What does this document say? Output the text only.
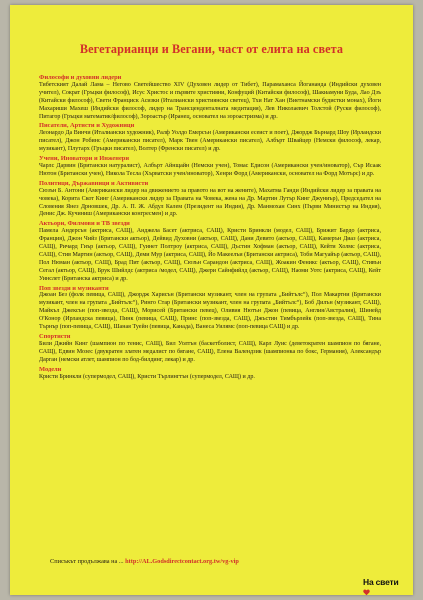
Вегетарианци и Вегани, част от елита на света
Философи и духовни лидери

Тибетският Далай Лама – Негово Светейшество XIV (Духовен лидер от Тибет), Парамаханса Йогананда (Индийски духовен учител), Сократ (Гръцки философ), Исус Христос и първите християни, Конфуций (Китайски философ), Шакиамуни Буда, Лао Дзъ (Китайски философ), Свети Франциск Асизки (Италиански християнски светец), Тхи Нат Хан (Виетнамски будистки монах), Йоги Махариши Махеш (Индийски философ, лидер на Трансценденталната медитация), Лев Николаевич Толстой (Руски философ), Питагор (Гръцки математик/философ), Зороастър (Иранец, основател на зороастризма) и др.

Писатели, Артисти и Художници

Леонардо Да Винчи (Италиански художник), Ралф Уолдо Емерсън (Американски есеист и поет), Джордж Бърнард Шоу (Ирландски писател), Джон Робинс (Американски писател), Марк Твен (Американски писател), Албърт Швайцер (Немски философ, лекар, музикант), Плутарх (Гръцки писател), Волтер (Френски писател) и др.

Учени, Иноватори и Инженери

Чарлс Дарвин (Британски натуралист), Албърт Айнщайн (Немски учен), Томас Едисон (Американски учен/иноватор), Сър Исаак Нютон (Британски учен), Никола Тесла (Хърватски учен/иноватор), Хенри Форд (Американски, основател на Форд Мотърс) и др.

Политици, Държавници и Активисти

Сюзън Б. Антони (Американски лидер на движението за правото на вот на жените), Махатма Ганди (Индийски лидер за правата на човека), Корита Скот Кинг (Американски лидер за Правата на Човека, жена на Др. Мартин Лутър Кинг Джуниър), Председател на Словения Янез Дрновшек, Др. А. П. Ж. Абдул Калем (Президент на Индия), Др. Манмохан Синх (Първи Министър на Индия), Денис Дж. Кучиниш (Американски конгресмен) и др.

Актьори, Филмови и ТВ звезди

Памела Андерсън (актриса, САЩ), Анджела Басет (актриса, САЩ), Кристи Бринкли (модел, САЩ), Брижит Бардо (актриса, Франция), Джон Чийз (Британски актьор), Дейвид Духовни (актьор, САЩ), Дани Девито (актьор, САЩ), Камерън Диаз (актриса, САЩ), Ричард Гиър (актьор, САЩ), Гуинет Полтроу (актриса, САЩ), Дъстин Хофман (актьор, САЩ), Кейти Холмс (актриса, САЩ), Стив Мартин (актьор, САЩ), Деми Мур (актриса, САЩ), Йо Макеелъи (Британски актриса), Тоби Магуайър (актьор, САЩ), Пол Нюман (актьор, САЩ), Брад Пит (актьор, САЩ), Сюзън Сарандон (актриса, САЩ), Жоакин Феникс (актьор, САЩ), Стивън Сегал (актьор, САЩ), Брук Шийлдс (актриса /модел, САЩ), Джери Сайнфийлд (актьор, САЩ), Наоми Уотс (актриса, САЩ), Кейт Уинслет (Британска актриса) и др.

Поп звезди и музиканти

Джоан Без (фолк певица, САЩ), Джордж Харисън (Британски музикант, член на групата „Бийтълс“), Пол Макартни (Британски музикант, член на групата „Бийтълс“), Ринго Стар (Британски музикант, член на групата „Бийтълс“), Боб Дилън (музикант, САЩ), Майкъл Джексън (поп-звезда, САЩ), Морисей (Британски певец), Оливия Нютън Джон (певица, Англия/Австралия), Шинейд О'Конор (Ирландска певица), Пинк (певица, САЩ), Принс (поп-звезда, САЩ), Джъстин Тимбърлейк (поп-звезда, САЩ), Тина Търнър (поп-певица, САЩ), Шаная Туейн (певица, Канада), Ванеса Уилямс (поп-певица САЩ) и др.

Спортисти

Били Джийн Кинг (шампион по тенис, САЩ), Бил Уолтън (баскетболист, САЩ), Карл Луис (деветократен шампион по бягане, САЩ), Едвин Мозес (двукратен златен медалист по бягане, САЩ), Елена Валендзик (шампионка по бокс, Германия), Александър Дарган (немски атлет, шампион по бод-билдинг, лекар) и др.

Модели

Кристи Бринкли (супермодел, САЩ), Кристи Търлингтън (супермодел, САЩ) и др.

Списъкът продължава на ... http://AL.Godsdirectcontact.org.tw/vg-vip
На свети
